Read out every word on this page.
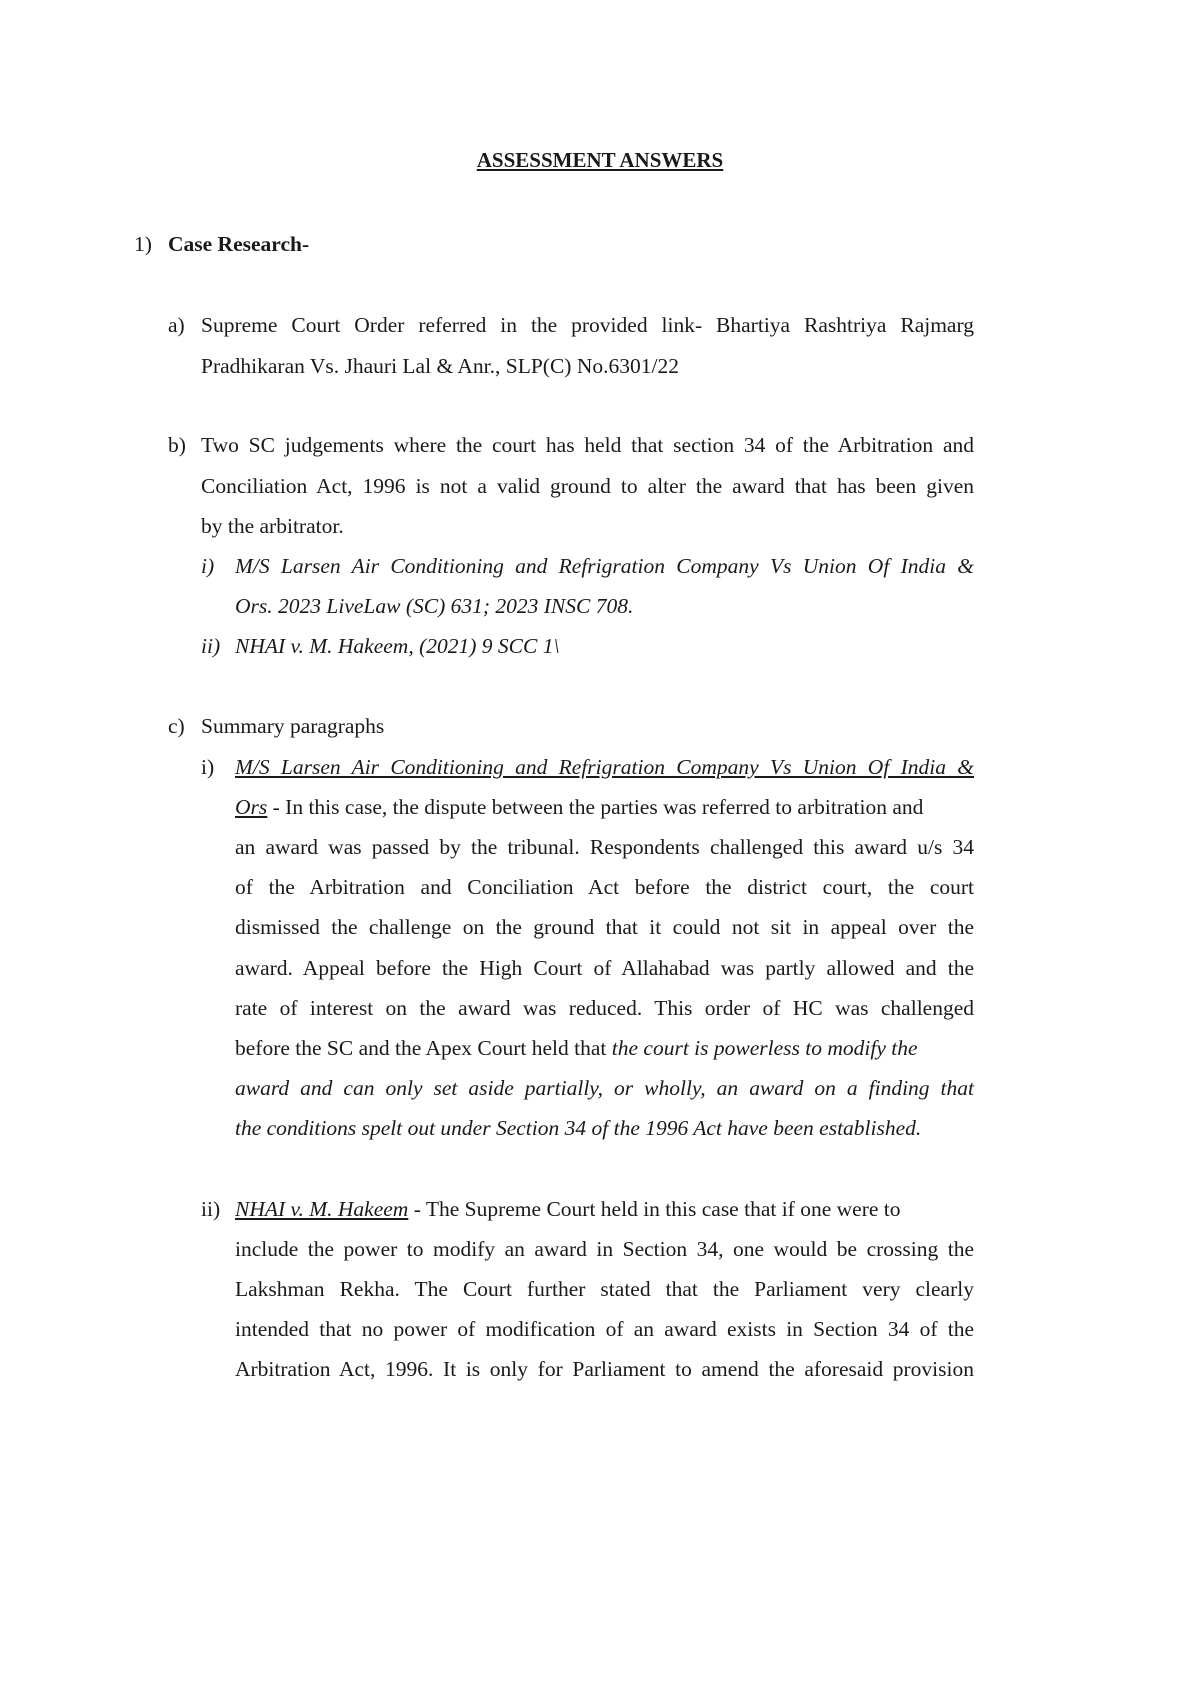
ASSESSMENT ANSWERS
1) Case Research-
a) Supreme Court Order referred in the provided link- Bhartiya Rashtriya Rajmarg
Pradhikaran Vs. Jhauri Lal & Anr., SLP(C) No.6301/22
b) Two SC judgements where the court has held that section 34 of the Arbitration and
Conciliation Act, 1996 is not a valid ground to alter the award that has been given
by the arbitrator.
i) M/S Larsen Air Conditioning and Refrigration Company Vs Union Of India &
Ors. 2023 LiveLaw (SC) 631; 2023 INSC 708.
ii) NHAI v. M. Hakeem, (2021) 9 SCC 1\
c) Summary paragraphs
i) M/S Larsen Air Conditioning and Refrigration Company Vs Union Of India &
Ors - In this case, the dispute between the parties was referred to arbitration and
an award was passed by the tribunal. Respondents challenged this award u/s 34
of the Arbitration and Conciliation Act before the district court, the court
dismissed the challenge on the ground that it could not sit in appeal over the
award. Appeal before the High Court of Allahabad was partly allowed and the
rate of interest on the award was reduced. This order of HC was challenged
before the SC and the Apex Court held that the court is powerless to modify the
award and can only set aside partially, or wholly, an award on a finding that
the conditions spelt out under Section 34 of the 1996 Act have been established.
ii) NHAI v. M. Hakeem - The Supreme Court held in this case that if one were to
include the power to modify an award in Section 34, one would be crossing the
Lakshman Rekha. The Court further stated that the Parliament very clearly
intended that no power of modification of an award exists in Section 34 of the
Arbitration Act, 1996. It is only for Parliament to amend the aforesaid provision
